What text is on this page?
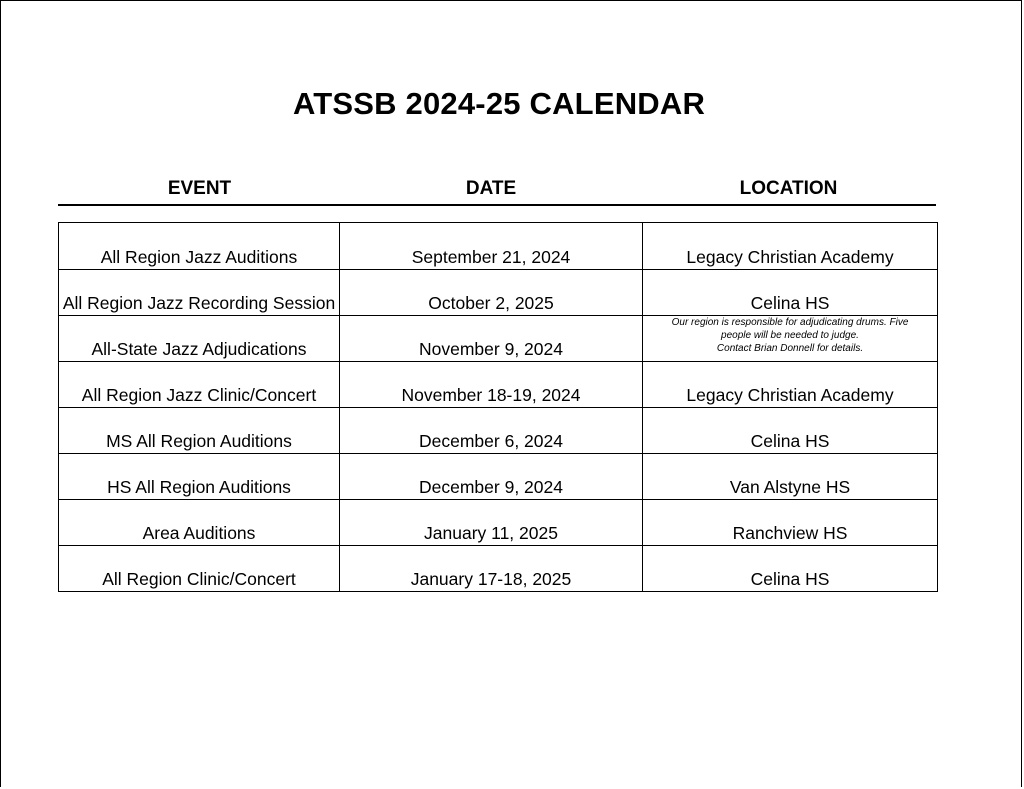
ATSSB 2024-25 CALENDAR
EVENT	DATE	LOCATION
All Region Jazz Auditions	September 21, 2024	Legacy Christian Academy
All Region Jazz Recording Session	October 2, 2025	Celina HS
All-State Jazz Adjudications	November 9, 2024	Our region is responsible for adjudicating drums. Five
people will be needed to judge.
Contact Brian Donnell for details.

All Region Jazz Clinic/Concert	November 18-19, 2024	Legacy Christian Academy
MS All Region Auditions	December 6, 2024	Celina HS
HS All Region Auditions	December 9, 2024	Van Alstyne HS
Area Auditions	January 11, 2025	Ranchview HS
All Region Clinic/Concert	January 17-18, 2025	Celina HS
